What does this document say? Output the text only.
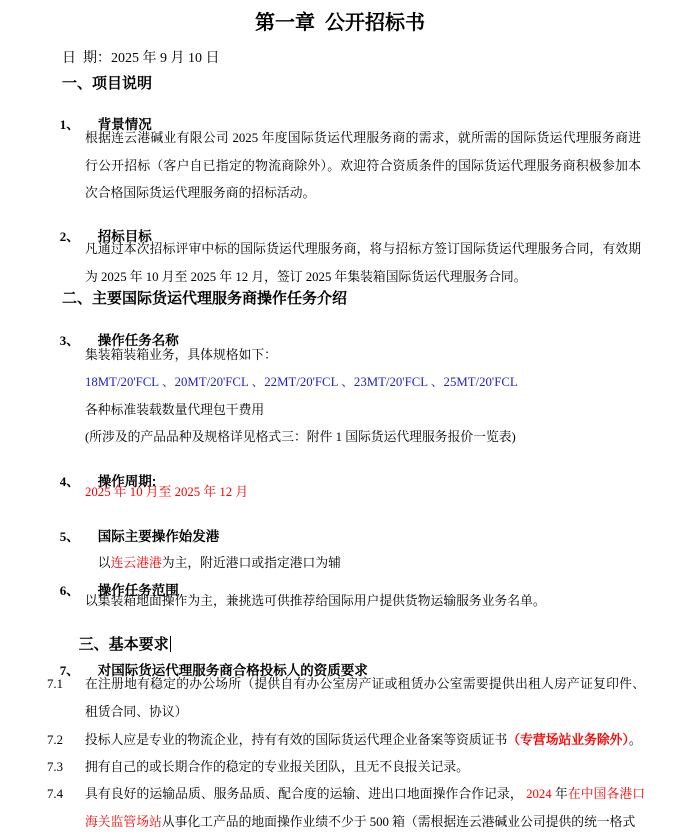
第一章  公开招标书
日  期：2025 年 9 月 10 日
一、项目说明

1、 背景情况

根据连云港碱业有限公司 2025 年度国际货运代理服务商的需求，就所需的国际货运代理服务商进行公开招标（客户自已指定的物流商除外）。欢迎符合资质条件的国际货运代理服务商积极参加本次合格国际货运代理服务商的招标活动。

2、 招标目标

凡通过本次招标评审中标的国际货运代理服务商，将与招标方签订国际货运代理服务合同，有效期为 2025 年 10 月至 2025 年 12 月，签订 2025 年集装箱国际货运代理服务合同。
二、主要国际货运代理服务商操作任务介绍

3、 操作任务名称

集装箱装箱业务，具体规格如下：
18MT/20'FCL 、20MT/20'FCL 、22MT/20'FCL 、23MT/20'FCL 、25MT/20'FCL
各种标准装载数量代理包干费用
(所涉及的产品品种及规格详见格式三：附件 1 国际货运代理服务报价一览表)

4、 操作周期:

2025 年 10 月至 2025 年 12 月

5、 国际主要操作始发港

以连云港港为主，附近港口或指定港口为辅

6、 操作任务范围

以集装箱地面操作为主，兼挑选可供推荐给国际用户提供货物运输服务业务名单。

三、基本要求

7、 对国际货运代理服务商合格投标人的资质要求

7.1	在注册地有稳定的办公场所（提供自有办公室房产证或租赁办公室需要提供出租人房产证复印件、租赁合同、协议）
7.2	投标人应是专业的物流企业，持有有效的国际货运代理企业备案等资质证书（专营场站业务除外）。
7.3	拥有自己的或长期合作的稳定的专业报关团队，且无不良报关记录。
7.4	具有良好的运输品质、服务品质、配合度的运输、进出口地面操作合作记录， 2024 年在中国各港口海关监管场站从事化工产品的地面操作业绩不少于 500 箱（需根据连云港碱业公司提供的统一格式
